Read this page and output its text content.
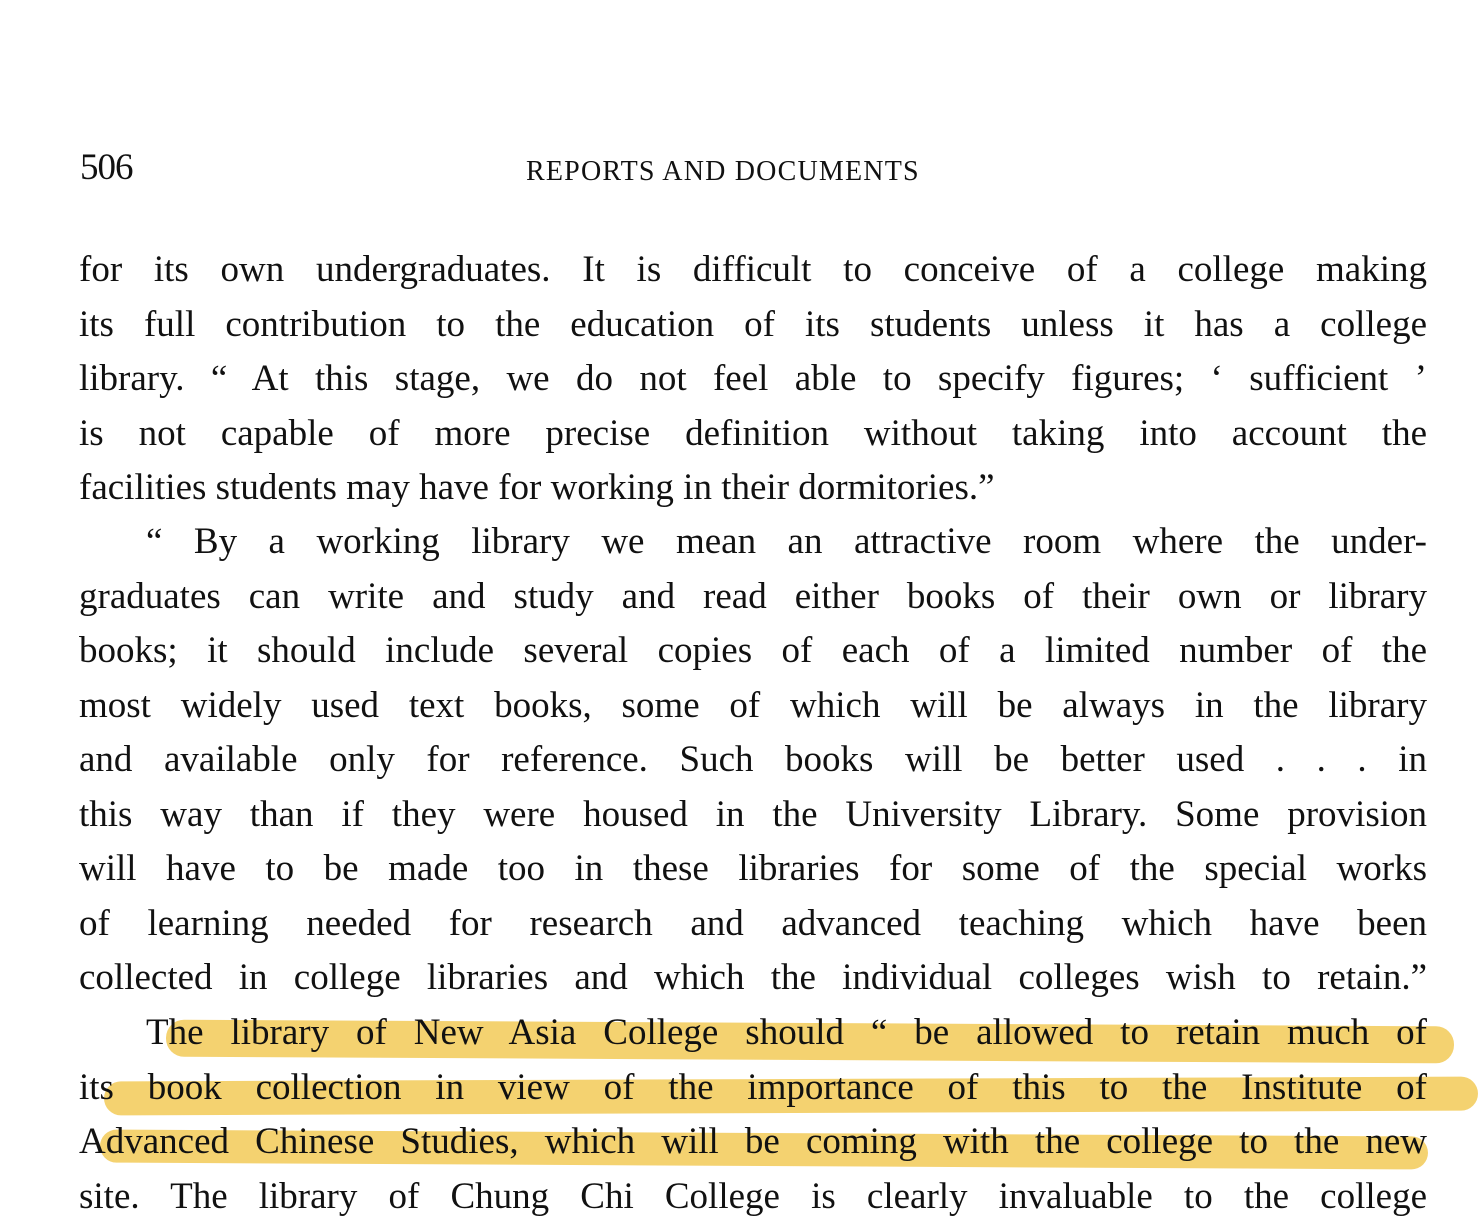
506	REPORTS AND DOCUMENTS
for its own undergraduates. It is difficult to conceive of a college making
its full contribution to the education of its students unless it has a college
library. “ At this stage, we do not feel able to specify figures; ‘ sufficient ’
is not capable of more precise definition without taking into account the
facilities students may have for working in their dormitories.”
“ By a working library we mean an attractive room where the under-
graduates can write and study and read either books of their own or library
books; it should include several copies of each of a limited number of the
most widely used text books, some of which will be always in the library
and available only for reference. Such books will be better used . . . in
this way than if they were housed in the University Library. Some provision
will have to be made too in these libraries for some of the special works
of learning needed for research and advanced teaching which have been
collected in college libraries and which the individual colleges wish to retain.”
The library of New Asia College should “ be allowed to retain much of
its book collection in view of the importance of this to the Institute of
Advanced Chinese Studies, which will be coming with the college to the new
site. The library of Chung Chi College is clearly invaluable to the college
